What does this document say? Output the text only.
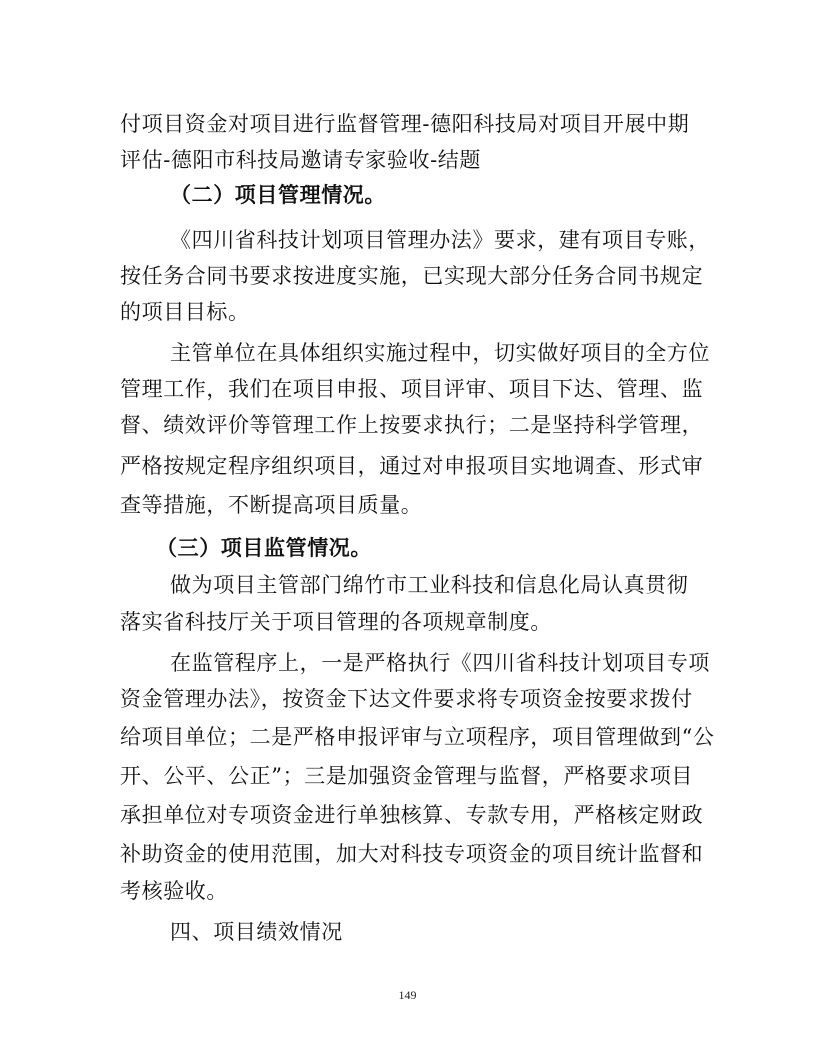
付项目资金对项目进行监督管理-德阳科技局对项目开展中期
评估-德阳市科技局邀请专家验收-结题
（二）项目管理情况。
《四川省科技计划项目管理办法》要求，建有项目专账，
按任务合同书要求按进度实施，已实现大部分任务合同书规定
的项目目标。
主管单位在具体组织实施过程中，切实做好项目的全方位
管理工作，我们在项目申报、项目评审、项目下达、管理、监
督、绩效评价等管理工作上按要求执行；二是坚持科学管理，
严格按规定程序组织项目，通过对申报项目实地调查、形式审
查等措施，不断提高项目质量。
（三）项目监管情况。
做为项目主管部门绵竹市工业科技和信息化局认真贯彻
落实省科技厅关于项目管理的各项规章制度。
在监管程序上，一是严格执行《四川省科技计划项目专项
资金管理办法》，按资金下达文件要求将专项资金按要求拨付
给项目单位；二是严格申报评审与立项程序，项目管理做到“公
开、公平、公正”；三是加强资金管理与监督，严格要求项目
承担单位对专项资金进行单独核算、专款专用，严格核定财政
补助资金的使用范围，加大对科技专项资金的项目统计监督和
考核验收。
四、项目绩效情况
149
